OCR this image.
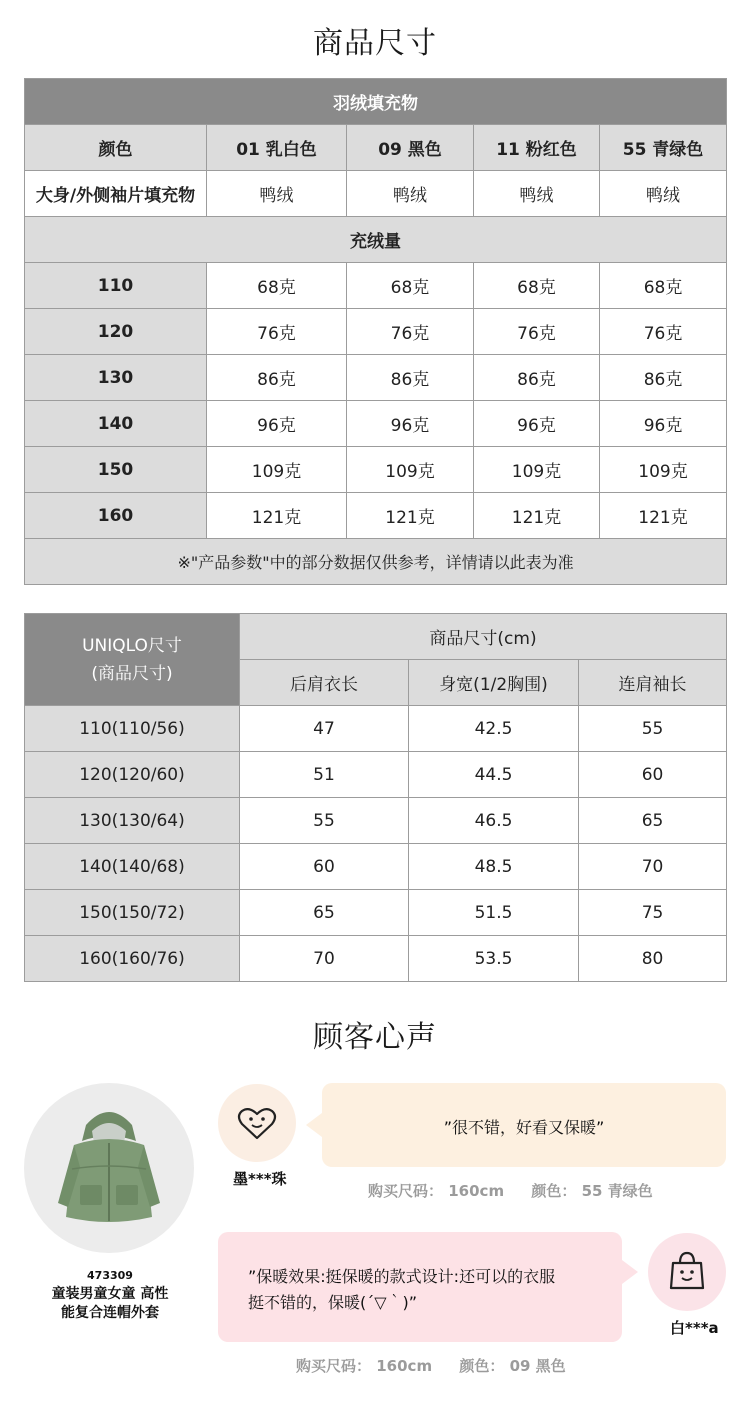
商品尺寸
羽绒填充物				
颜色	01 乳白色	09 黑色	11 粉红色	55 青绿色
大身/外侧袖片填充物	鸭绒	鸭绒	鸭绒	鸭绒
充绒量				
110	68克	68克	68克	68克
120	76克	76克	76克	76克
130	86克	86克	86克	86克
140	96克	96克	96克	96克
150	109克	109克	109克	109克
160	121克	121克	121克	121克
※"产品参数"中的部分数据仅供参考，详情请以此表为准				
UNIQLO尺寸
(商品尺寸)	商品尺寸(cm)		
	后肩衣长	身宽(1/2胸围)	连肩袖长
110(110/56)	47	42.5	55
120(120/60)	51	44.5	60
130(130/64)	55	46.5	65
140(140/68)	60	48.5	70
150(150/72)	65	51.5	75
160(160/76)	70	53.5	80
顾客心声
473309
童装男童女童 高性
能复合连帽外套
墨***珠
”很不错，好看又保暖”
购买尺码： 160cm 颜色： 55 青绿色
”保暖效果:挺保暖的款式设计:还可以的衣服
挺不错的，保暖(´▽｀)”
白***a
购买尺码： 160cm 颜色： 09 黑色
